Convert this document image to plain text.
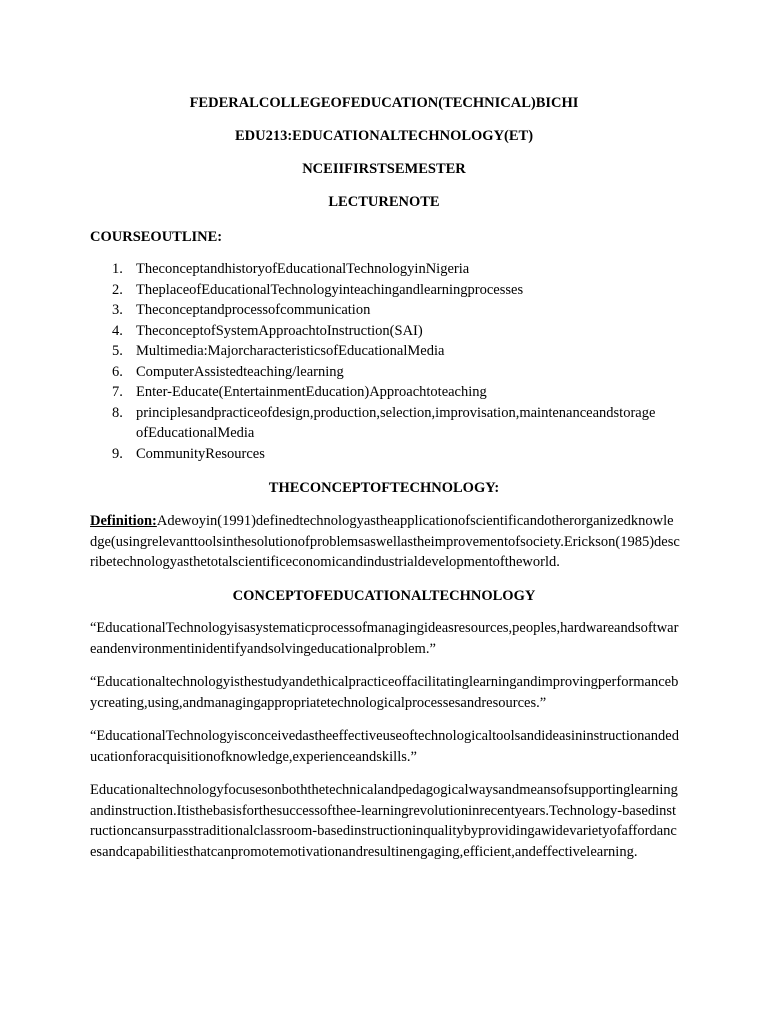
FEDERALCOLLEGEOFEDUCATION(TECHNICAL)BICHI
EDU213:EDUCATIONALTECHNOLOGY(ET)
NCEIIFIRSTSEMESTER
LECTURENOTE
COURSEOUTLINE:
1. TheconceptandhistoryofEducationalTechnologyinNigeria
2. TheplaceofEducationalTechnologyinteachingandlearningprocesses
3. Theconceptandprocessofcommunication
4. TheconceptofSystemApproachtoInstruction(SAI)
5. Multimedia:MajorcharacteristicsofEducationalMedia
6. ComputerAssistedteaching/learning
7. Enter-Educate(EntertainmentEducation)Approachtoteaching
8. principlesandpracticeofdesign,production,selection,improvisation,maintenanceandstorage ofEducationalMedia
9. CommunityResources
THECONCEPTOFTECHNOLOGY:

Definition:Adewoyin(1991)definedtechnologyastheapplicationofscientificandotherorganizedknowledge(usingrelevanttoolsinthesolutionofproblemsaswellastheimprovementofsociety.Erickson(1985)describetechnologyasthetotalscientificeconomicandindustrialdevelopmentoftheworld.

CONCEPTOFEDUCATIONALTECHNOLOGY

“EducationalTechnologyisasystematicprocessofmanagingideasresources,peoples,hardwareandsoftwareandenvironmentinidentifyandsolvingeducationalproblem.”

“Educationaltechnologyisthestudyandethicalpracticeoffacilitatinglearningandimprovingperformancebycreating,using,andmanagingappropriatetechnologicalprocessesandresources.”

“EducationalTechnologyisconceivedastheeffectiveuseoftechnologicaltoolsandideasininstructionandeducationforacquisitionofknowledge,experienceandskills.”

Educationaltechnologyfocusesonboththetechnicalandpedagogicalwaysandmeansofsupportinglearningandinstruction.Itisthebasisforthesuccessofthee-learningrevolutioninrecentyears.Technology-basedinstructioncansurpasstraditionalclassroom-basedinstructioninqualitybyprovidingawidevarietyofaffordancesandcapabilitiesthatcanpromotemotivationandresultinengaging,efficient,andeffectivelearning.
